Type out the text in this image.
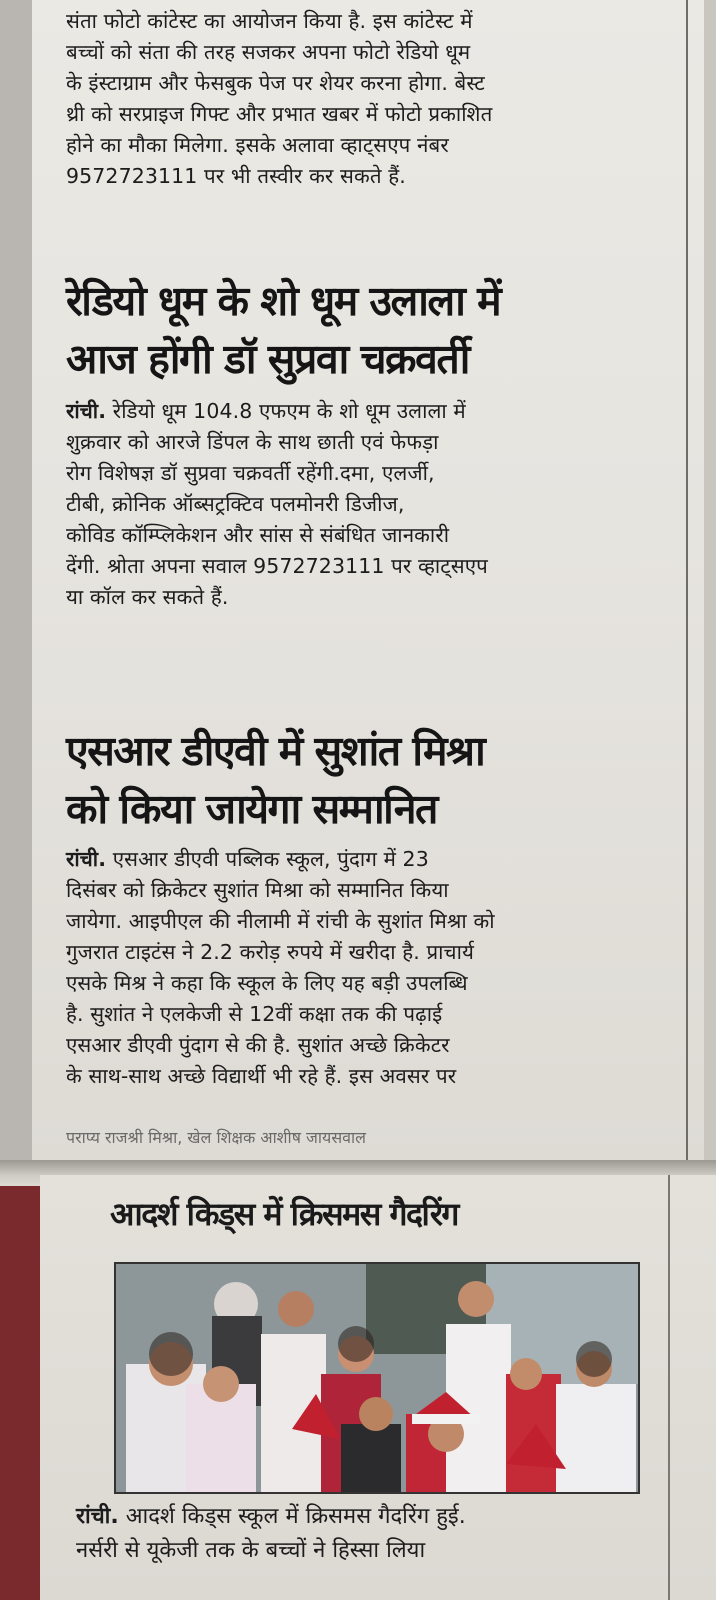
संता फोटो कांटेस्ट का आयोजन किया है. इस कांटेस्ट में
बच्चों को संता की तरह सजकर अपना फोटो रेडियो धूम
के इंस्टाग्राम और फेसबुक पेज पर शेयर करना होगा. बेस्ट
थ्री को सरप्राइज गिफ्ट और प्रभात खबर में फोटो प्रकाशित
होने का मौका मिलेगा. इसके अलावा व्हाट्सएप नंबर
9572723111 पर भी तस्वीर कर सकते हैं.

रेडियो धूम के शो धूम उलाला में
आज होंगी डॉ सुप्रवा चक्रवर्ती

रांची. रेडियो धूम 104.8 एफएम के शो धूम उलाला में
शुक्रवार को आरजे डिंपल के साथ छाती एवं फेफड़ा
रोग विशेषज्ञ डॉ सुप्रवा चक्रवर्ती रहेंगी.दमा, एलर्जी,
टीबी, क्रोनिक ऑब्सट्रक्टिव पलमोनरी डिजीज,
कोविड कॉम्प्लिकेशन और सांस से संबंधित जानकारी
देंगी. श्रोता अपना सवाल 9572723111 पर व्हाट्सएप
या कॉल कर सकते हैं.

एसआर डीएवी में सुशांत मिश्रा
को किया जायेगा सम्मानित

रांची. एसआर डीएवी पब्लिक स्कूल, पुंदाग में 23
दिसंबर को क्रिकेटर सुशांत मिश्रा को सम्मानित किया
जायेगा. आइपीएल की नीलामी में रांची के सुशांत मिश्रा को
गुजरात टाइटंस ने 2.2 करोड़ रुपये में खरीदा है. प्राचार्य
एसके मिश्र ने कहा कि स्कूल के लिए यह बड़ी उपलब्धि
है. सुशांत ने एलकेजी से 12वीं कक्षा तक की पढ़ाई
एसआर डीएवी पुंदाग से की है. सुशांत अच्छे क्रिकेटर
के साथ-साथ अच्छे विद्यार्थी भी रहे हैं. इस अवसर पर

पराप्य राजश्री मिश्रा, खेल शिक्षक आशीष जायसवाल
आदर्श किड्स में क्रिसमस गैदरिंग

रांची. आदर्श किड्स स्कूल में क्रिसमस गैदरिंग हुई.
नर्सरी से यूकेजी तक के बच्चों ने हिस्सा लिया
